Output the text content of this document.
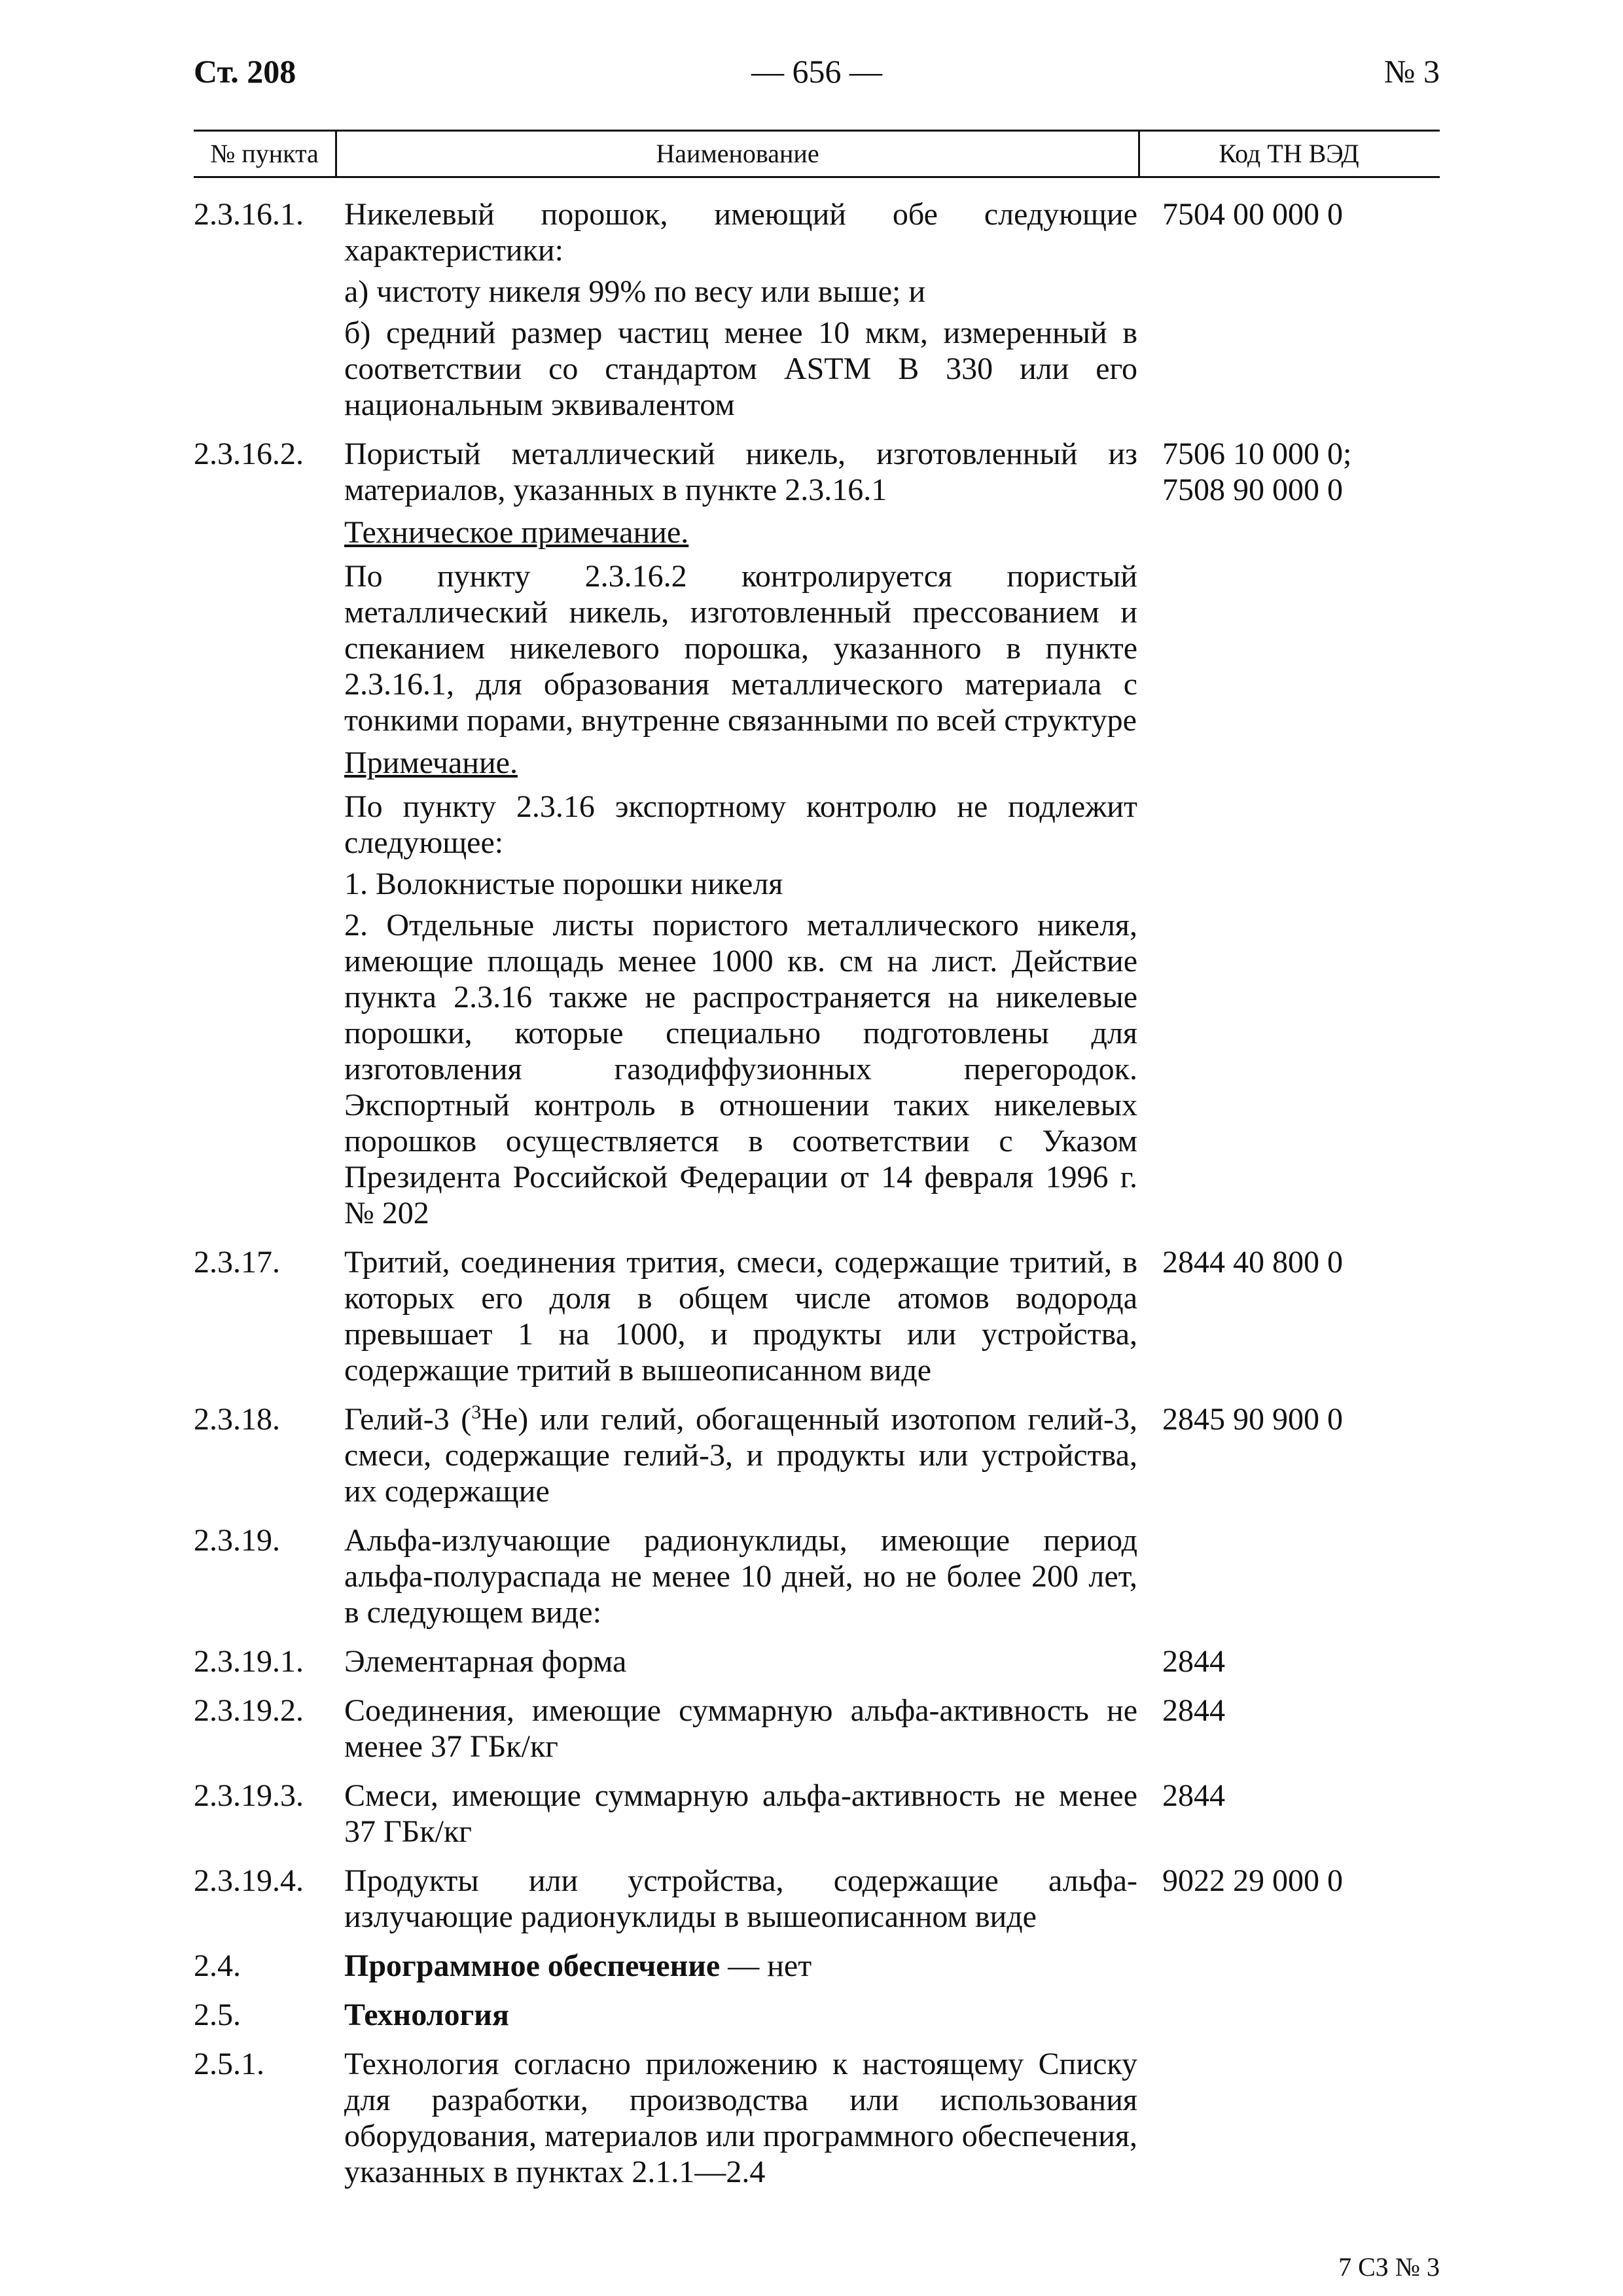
Ст. 208	— 656 —	№ 3
№ пункта	Наименование	Код ТН ВЭД
2.3.16.1.	Никелевый порошок, имеющий обе следующие характеристики:

а) чистоту никеля 99% по весу или выше; и

б) средний размер частиц менее 10 мкм, измеренный в соответствии со стандартом ASTM В 330 или его национальным эквивалентом

7504 00 000 0
2.3.16.2.	Пористый металлический никель, изготовленный из материалов, указанных в пункте 2.3.16.1

Техническое примечание.

По пункту 2.3.16.2 контролируется пористый металлический никель, изготовленный прессованием и спеканием никелевого порошка, указанного в пункте 2.3.16.1, для образования металлического материала с тонкими порами, внутренне связанными по всей структуре

Примечание.

По пункту 2.3.16 экспортному контролю не подлежит следующее:

1. Волокнистые порошки никеля

2. Отдельные листы пористого металлического никеля, имеющие площадь менее 1000 кв. см на лист. Действие пункта 2.3.16 также не распространяется на никелевые порошки, которые специально подготовлены для изготовления газодиффузионных перегородок. Экспортный контроль в отношении таких никелевых порошков осуществляется в соответствии с Указом Президента Российской Федерации от 14 февраля 1996 г. № 202

7506 10 000 0;
7508 90 000 0
2.3.17.	Тритий, соединения трития, смеси, содержащие тритий, в которых его доля в общем числе атомов водорода превышает 1 на 1000, и продукты или устройства, содержащие тритий в вышеописанном виде

2844 40 800 0
2.3.18.	Гелий-3 ($^3$He) или гелий, обогащенный изотопом гелий-3, смеси, содержащие гелий-3, и продукты или устройства, их содержащие

2845 90 900 0
2.3.19.	Альфа-излучающие радионуклиды, имеющие период альфа-полураспада не менее 10 дней, но не более 200 лет, в следующем виде:

2.3.19.1.	Элементарная форма	2844
2.3.19.2.	Соединения, имеющие суммарную альфа-активность не менее 37 ГБк/кг

2844
2.3.19.3.	Смеси, имеющие суммарную альфа-активность не менее 37 ГБк/кг

2844
2.3.19.4.	Продукты или устройства, содержащие альфа-излучающие радионуклиды в вышеописанном виде

9022 29 000 0
2.4.	Программное обеспечение — нет

2.5.	Технология

2.5.1.	Технология согласно приложению к настоящему Списку для разработки, производства или использования оборудования, материалов или программного обеспечения, указанных в пунктах 2.1.1—2.4

7 СЗ № 3
